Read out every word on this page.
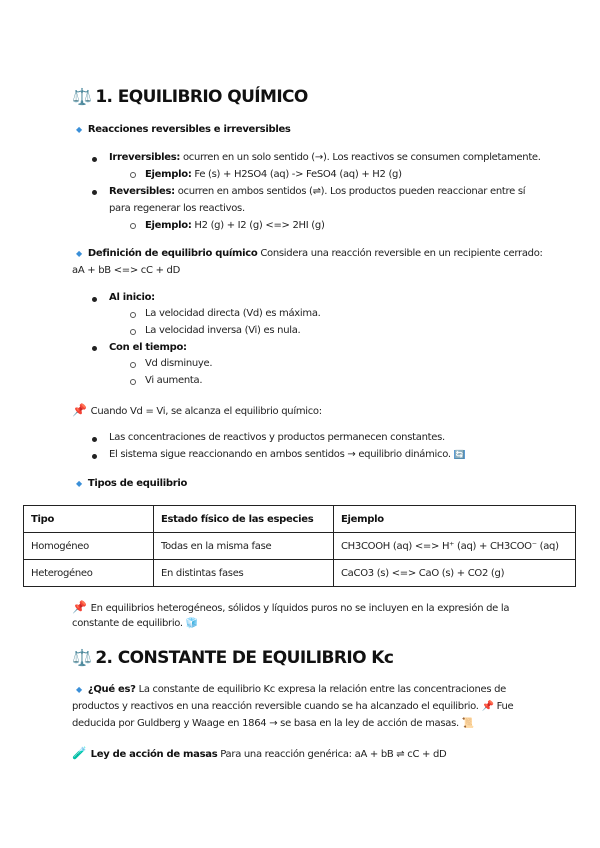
⚖️ 1. EQUILIBRIO QUÍMICO
◆ Reacciones reversibles e irreversibles
Irreversibles: ocurren en un solo sentido (→). Los reactivos se consumen completamente.
Ejemplo: Fe (s) + H2SO4 (aq) -> FeSO4 (aq) + H2 (g)
Reversibles: ocurren en ambos sentidos (⇌). Los productos pueden reaccionar entre sí
para regenerar los reactivos.
Ejemplo: H2 (g) + I2 (g) <=> 2HI (g)
◆ Definición de equilibrio químico Considera una reacción reversible en un recipiente cerrado:
aA + bB <=> cC + dD
Al inicio:
La velocidad directa (Vd) es máxima.
La velocidad inversa (Vi) es nula.
Con el tiempo:
Vd disminuye.
Vi aumenta.
📌 Cuando Vd = Vi, se alcanza el equilibrio químico:
Las concentraciones de reactivos y productos permanecen constantes.
El sistema sigue reaccionando en ambos sentidos → equilibrio dinámico. 🔄
◆ Tipos de equilibrio
Tipo	Estado físico de las especies	Ejemplo
Homogéneo	Todas en la misma fase	CH3COOH (aq) <=> H⁺ (aq) + CH3COO⁻ (aq)
Heterogéneo	En distintas fases	CaCO3 (s) <=> CaO (s) + CO2 (g)
📌 En equilibrios heterogéneos, sólidos y líquidos puros no se incluyen en la expresión de la
constante de equilibrio. 🧊
⚖️ 2. CONSTANTE DE EQUILIBRIO Kc
◆ ¿Qué es? La constante de equilibrio Kc expresa la relación entre las concentraciones de
productos y reactivos en una reacción reversible cuando se ha alcanzado el equilibrio. 📌 Fue
deducida por Guldberg y Waage en 1864 → se basa en la ley de acción de masas. 📜
🧪 Ley de acción de masas Para una reacción genérica: aA + bB ⇌ cC + dD
